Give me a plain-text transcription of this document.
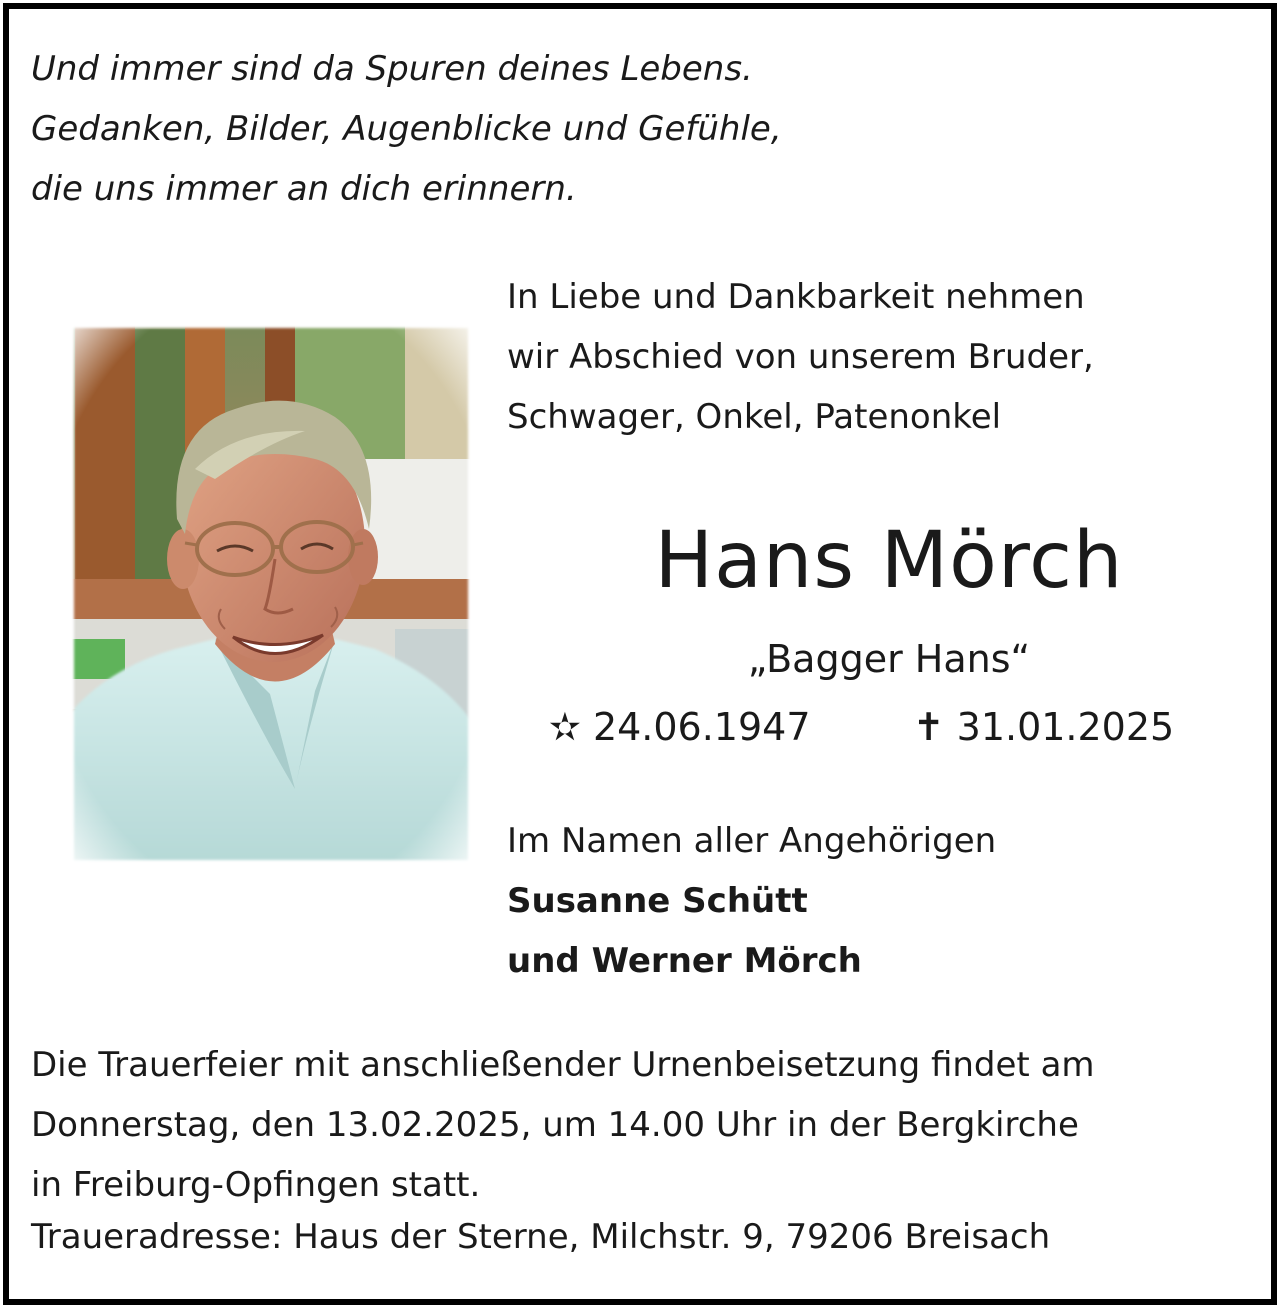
Und immer sind da Spuren deines Lebens.
Gedanken, Bilder, Augenblicke und Gefühle,
die uns immer an dich erinnern.

In Liebe und Dankbarkeit nehmen
wir Abschied von unserem Bruder,
Schwager, Onkel, Patenonkel

Hans Mörch

„Bagger Hans“

✫ 24.06.1947	✝ 31.01.2025

Im Namen aller Angehörigen
Susanne Schütt
und Werner Mörch

Die Trauerfeier mit anschließender Urnenbeisetzung findet am
Donnerstag, den 13.02.2025, um 14.00 Uhr in der Bergkirche
in Freiburg-Opfingen statt.

Traueradresse: Haus der Sterne, Milchstr. 9, 79206 Breisach
